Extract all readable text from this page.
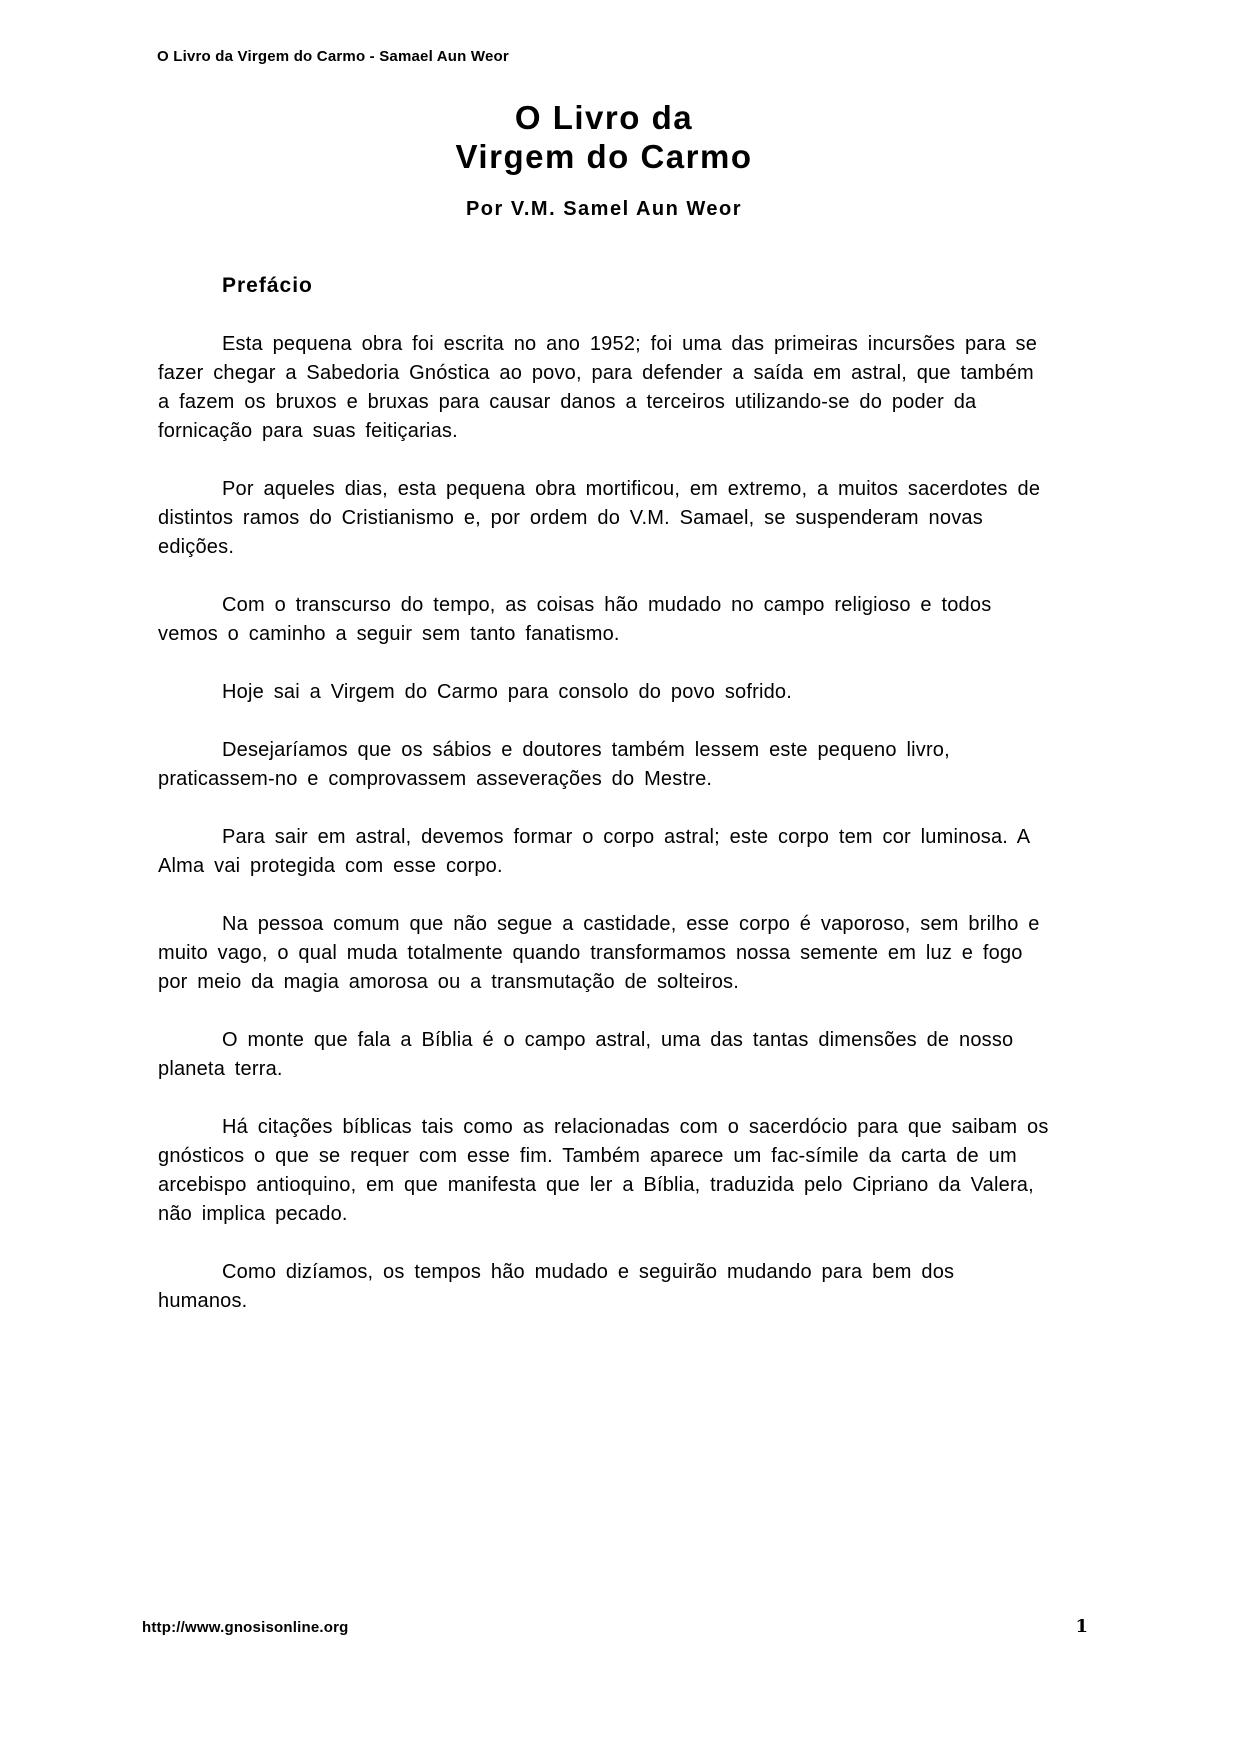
O Livro da Virgem do Carmo - Samael Aun Weor
O Livro da
Virgem do Carmo
Por V.M. Samel Aun Weor
Prefácio

Esta pequena obra foi escrita no ano 1952; foi uma das primeiras incursões para se fazer chegar a Sabedoria Gnóstica ao povo, para defender a saída em astral, que também a fazem os bruxos e bruxas para causar danos a terceiros utilizando-se do poder da fornicação para suas feitiçarias.

Por aqueles dias, esta pequena obra mortificou, em extremo, a muitos sacerdotes de distintos ramos do Cristianismo e, por ordem do V.M. Samael, se suspenderam novas edições.

Com o transcurso do tempo, as coisas hão mudado no campo religioso e todos vemos o caminho a seguir sem tanto fanatismo.

Hoje sai a Virgem do Carmo para consolo do povo sofrido.

Desejaríamos que os sábios e doutores também lessem este pequeno livro, praticassem-no e comprovassem asseverações do Mestre.

Para sair em astral, devemos formar o corpo astral; este corpo tem cor luminosa. A Alma vai protegida com esse corpo.

Na pessoa comum que não segue a castidade, esse corpo é vaporoso, sem brilho e muito vago, o qual muda totalmente quando transformamos nossa semente em luz e fogo por meio da magia amorosa ou a transmutação de solteiros.

O monte que fala a Bíblia é o campo astral, uma das tantas dimensões de nosso planeta terra.

Há citações bíblicas tais como as relacionadas com o sacerdócio para que saibam os gnósticos o que se requer com esse fim. Também aparece um fac-símile da carta de um arcebispo antioquino, em que manifesta que ler a Bíblia, traduzida pelo Cipriano da Valera, não implica pecado.

Como dizíamos, os tempos hão mudado e seguirão mudando para bem dos humanos.

http://www.gnosisonline.org	1
